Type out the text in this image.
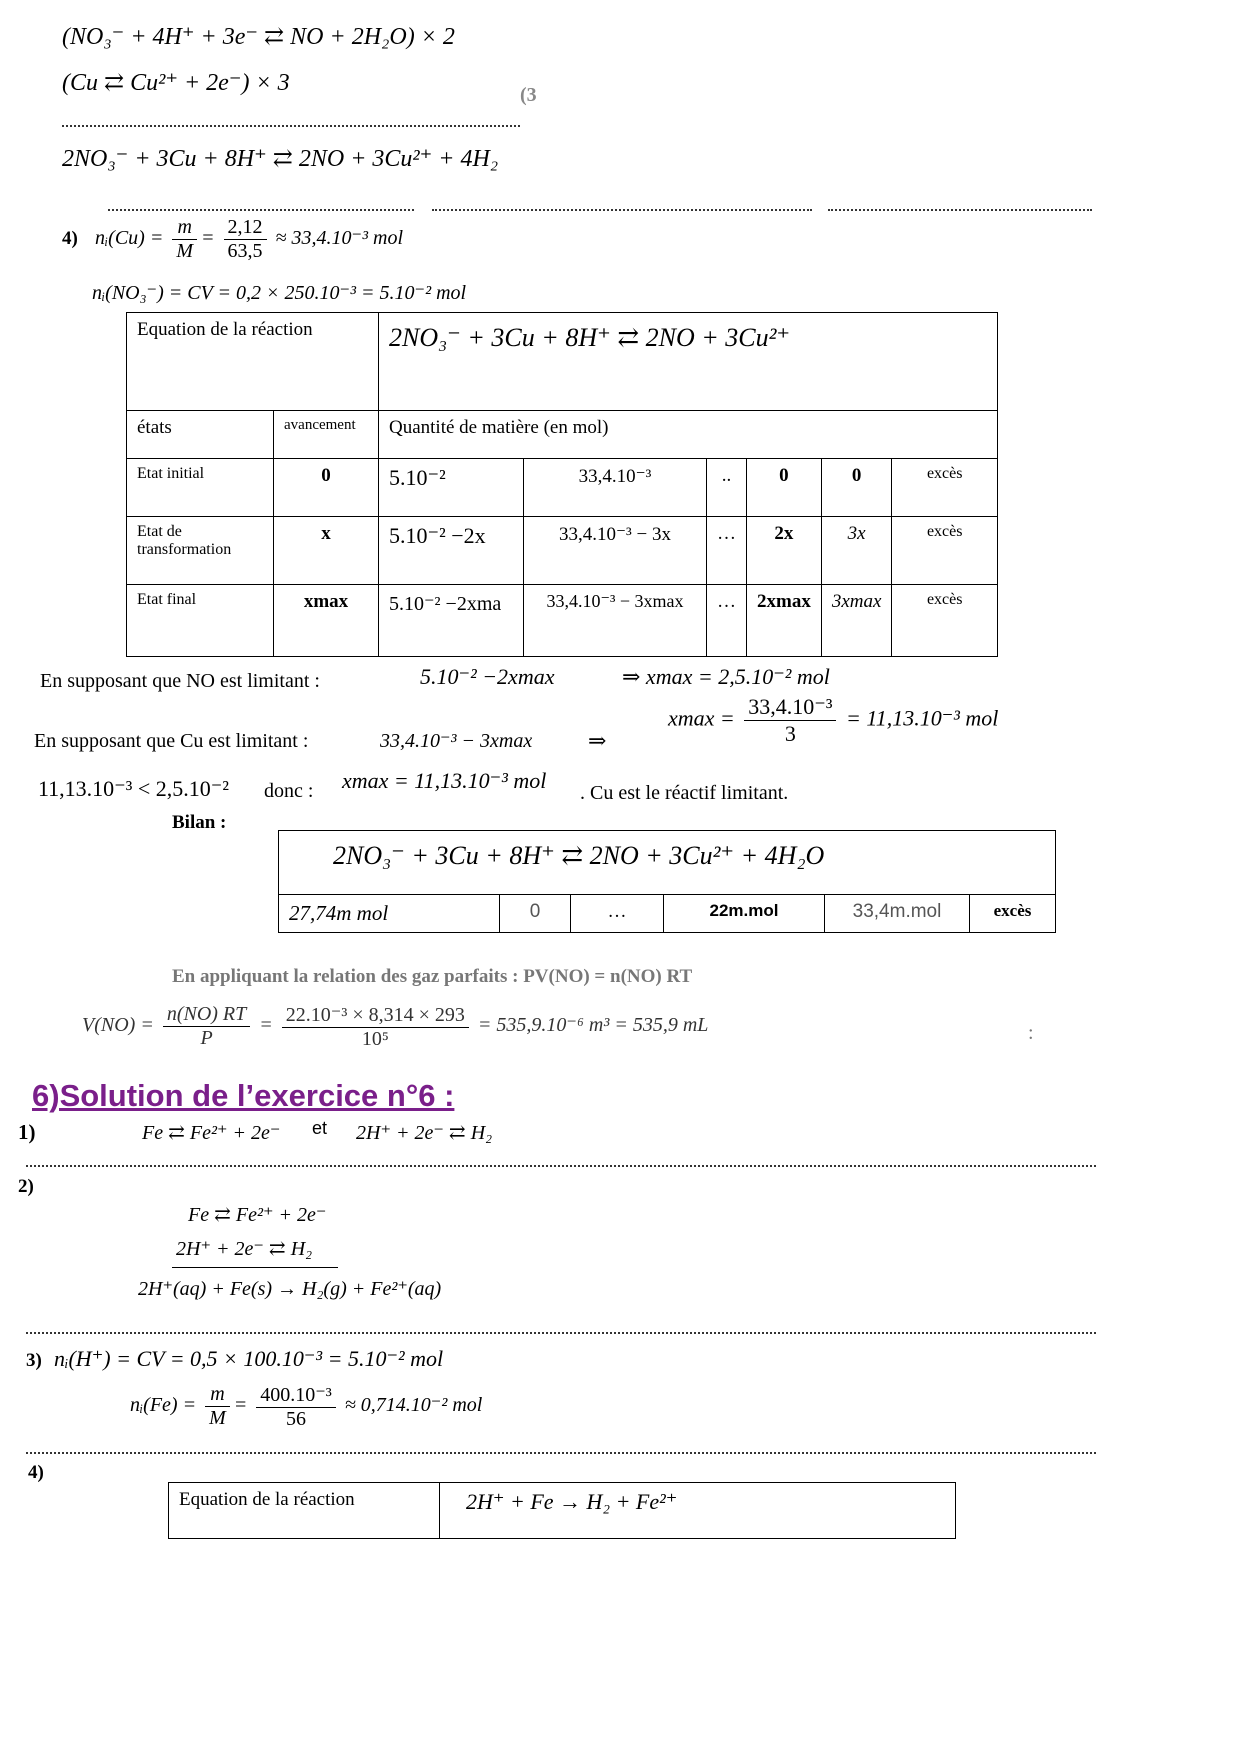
(NO₃⁻ + 4H⁺ + 3e⁻ ⇄ NO + 2H₂O) × 2
(Cu ⇄ Cu²⁺ + 2e⁻) × 3	(3
2NO₃⁻ + 3Cu + 8H⁺ ⇄ 2NO + 3Cu²⁺ + 4H₂
4) nᵢ(Cu) = $\frac{m}{M} = \frac{2,12}{63,5} \approx 33,4.10^{-3}$ mol
nᵢ(NO₃⁻) = CV = 0,2 × 250.10⁻³ = 5.10⁻² mol
Equation de la réaction		2NO₃⁻ + 3Cu + 8H⁺ ⇄ 2NO + 3Cu²⁺					
états	avancement	Quantité de matière (en mol)					
Etat initial	0	5.10⁻²	33,4.10⁻³	..	0	0	excès
Etat de transformation	x	5.10⁻² −2x	33,4.10⁻³ − 3x	…	2x	3x	excès
Etat final	xmax	5.10⁻² −2xma	33,4.10⁻³ − 3xmax	…	2xmax	3xmax	excès
En supposant que NO est limitant :	5.10⁻² −2xmax	⇒ xmax = 2,5.10⁻² mol
En supposant que Cu est limitant :	33,4.10⁻³ − 3xmax	⇒
$xmax = \frac{\text{33,4.10⁻³}}{3} = 11,13.10^{-3}$ mol
11,13.10⁻³ < 2,5.10⁻² donc : xmax = 11,13.10⁻³ mol . Cu est le réactif limitant.
Bilan :
2NO₃⁻ + 3Cu + 8H⁺ ⇄ 2NO + 3Cu²⁺ + 4H₂O
27,74m mol	0	…	22m.mol	33,4m.mol	excès
En appliquant la relation des gaz parfaits : PV(NO) = n(NO) RT
$V(NO) = \frac{n(NO) RT}{P} = \frac{\text{22.10⁻³ × 8,314 × 293}}{\text{10⁵}} = 535,9.10^{-6}$ m³ = 535,9 mL	:
6)Solution de l’exercice n°6 :
1)	Fe ⇄ Fe²⁺ + 2e⁻ et 2H⁺ + 2e⁻ ⇄ H₂
2)
Fe ⇄ Fe²⁺ + 2e⁻
2H⁺ + 2e⁻ ⇄ H₂
2H⁺(aq) + Fe(s) → H₂(g) + Fe²⁺(aq)
3) nᵢ(H⁺) = CV = 0,5 × 100.10⁻³ = 5.10⁻² mol
nᵢ(Fe) = $\frac{m}{M} = \frac{\text{400.10⁻³}}{56} \approx 0,714.10^{-2}$ mol
4)
Equation de la réaction	2H⁺ + Fe → H₂ + Fe²⁺
